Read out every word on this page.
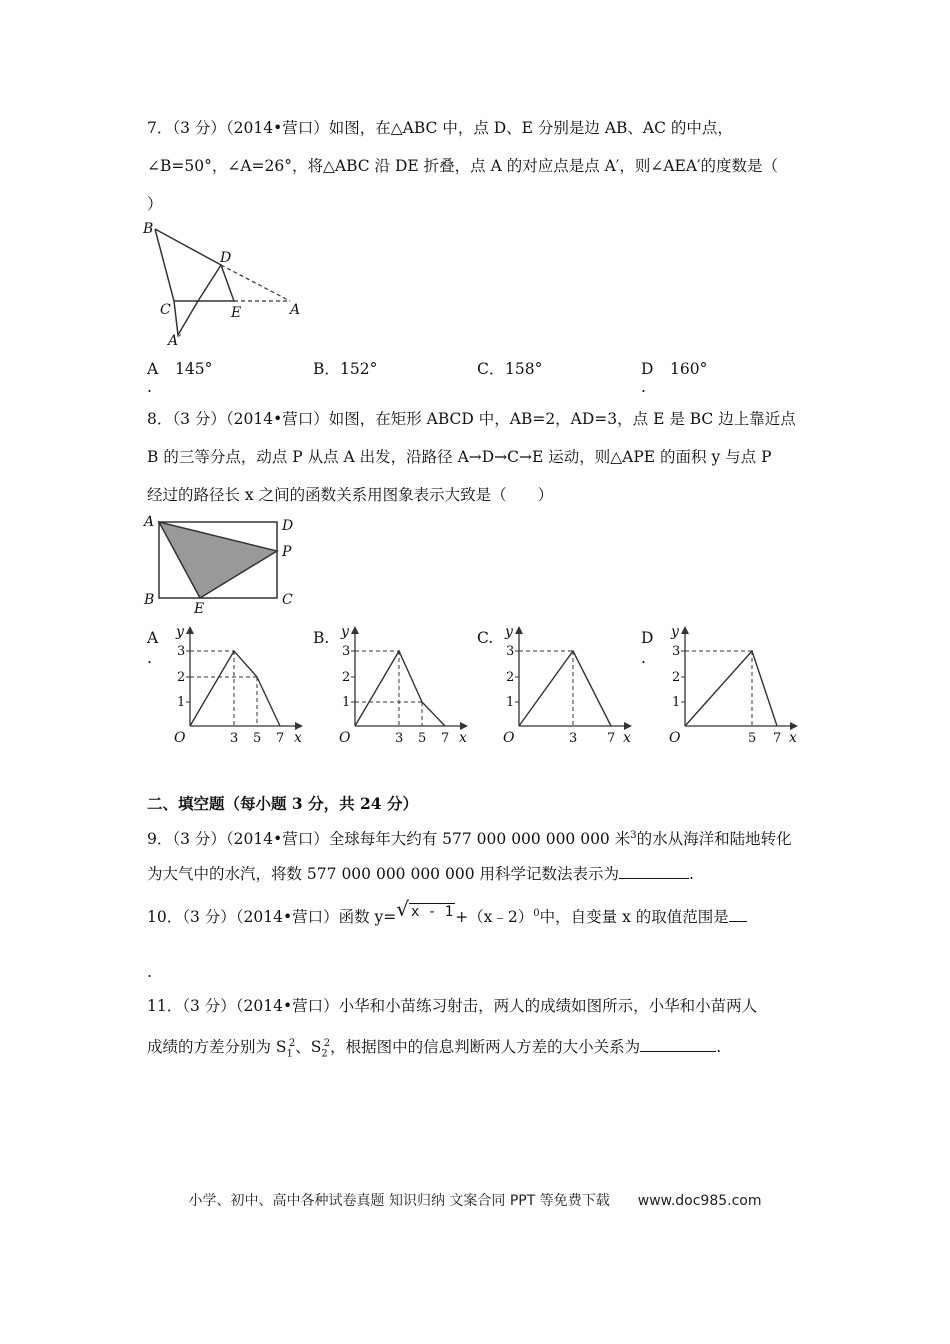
7．（3 分）（2014•营口）如图，在△ABC 中，点 D、E 分别是边 AB、AC 的中点，
∠B=50°，∠A=26°，将△ABC 沿 DE 折叠，点 A 的对应点是点 A′，则∠AEA′的度数是（
）
B
D
C	E	A
A′
A 145°
.
B． 152°	C． 158°	D 160°
.
8．（3 分）（2014•营口）如图，在矩形 ABCD 中，AB=2，AD=3，点 E 是 BC 边上靠近点
B 的三等分点，动点 P 从点 A 出发，沿路径 A→D→C→E 运动，则△APE 的面积 y 与点 P
经过的路径长 x 之间的函数关系用图象表示大致是（　　）
A	D
P
B
E
C
A
.
B.	C.	D
.
y
1
2
3
O	3 5 7 x
y
1
2
3
O	3 5 7 x
y
1
2
3
O	3 7 x
y
1
2
3
O	5 7 x
二、填空题（每小题 3 分，共 24 分）
9．（3 分）（2014•营口）全球每年大约有 577 000 000 000 000 米$^3$的水从海洋和陆地转化
为大气中的水汽，将数 577 000 000 000 000 用科学记数法表示为	.
10．（3 分）（2014•营口）函数 y=√ x - 1 +（x﹣2）$^0$中，自变量 x 的取值范围是
.
11．（3 分）（2014•营口）小华和小苗练习射击，两人的成绩如图所示，小华和小苗两人
成绩的方差分别为 $S_1^2$、$S_2^2$，根据图中的信息判断两人方差的大小关系为	.
小学、初中、高中各种试卷真题 知识归纳 文案合同 PPT 等免费下载 www.doc985.com
